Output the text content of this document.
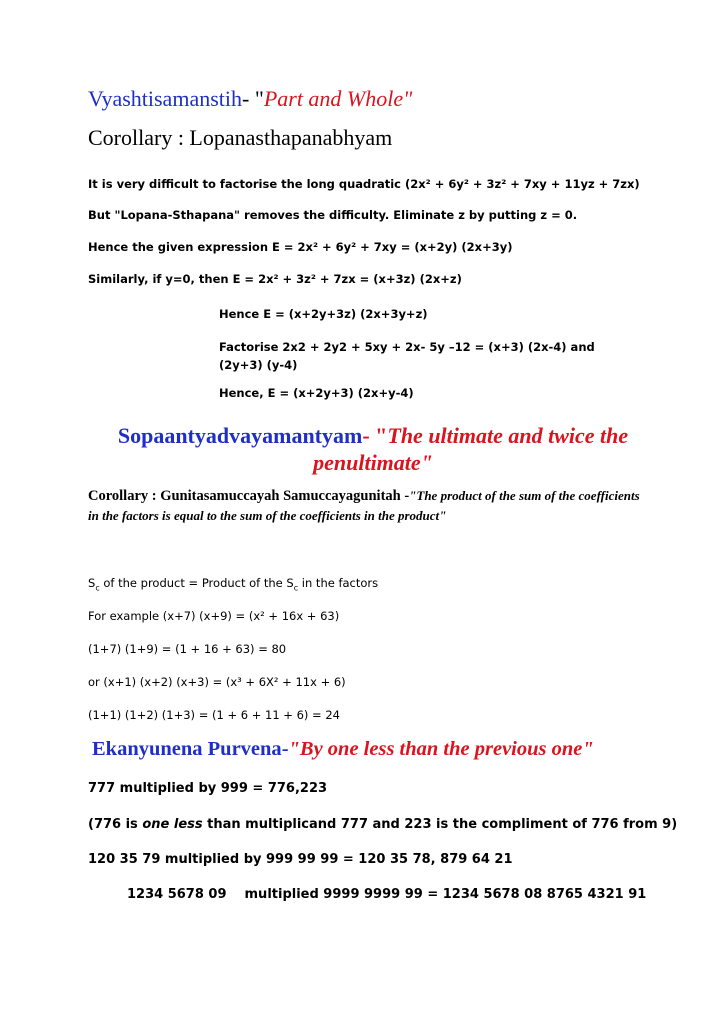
Vyashtisamanstih- "Part and Whole"
Corollary : Lopanasthapanabhyam
It is very difficult to factorise the long quadratic (2x² + 6y² + 3z² + 7xy + 11yz + 7zx)
But "Lopana-Sthapana" removes the difficulty. Eliminate z by putting z = 0.
Hence the given expression E = 2x² + 6y² + 7xy = (x+2y) (2x+3y)
Similarly, if y=0, then E = 2x² + 3z² + 7zx = (x+3z) (2x+z)
Hence E = (x+2y+3z) (2x+3y+z)
Factorise 2x2 + 2y2 + 5xy + 2x- 5y –12 = (x+3) (2x-4) and (2y+3) (y-4)
Hence, E = (x+2y+3) (2x+y-4)
Sopaantyadvayamantyam- "The ultimate and twice the penultimate"
Corollary : Gunitasamuccayah Samuccayagunitah -"The product of the sum of the coefficients in the factors is equal to the sum of the coefficients in the product"
$S_c$ of the product = Product of the $S_c$ in the factors
For example (x+7) (x+9) = (x² + 16x + 63)
(1+7) (1+9) = (1 + 16 + 63) = 80
or (x+1) (x+2) (x+3) = (x³ + 6X² + 11x + 6)
(1+1) (1+2) (1+3) = (1 + 6 + 11 + 6) = 24
Ekanyunena Purvena-"By one less than the previous one"
777 multiplied by 999 = 776,223
(776 is one less than multiplicand 777 and 223 is the compliment of 776 from 9)
120 35 79 multiplied by 999 99 99 = 120 35 78, 879 64 21
1234 5678 09 multiplied 9999 9999 99 = 1234 5678 08 8765 4321 91
